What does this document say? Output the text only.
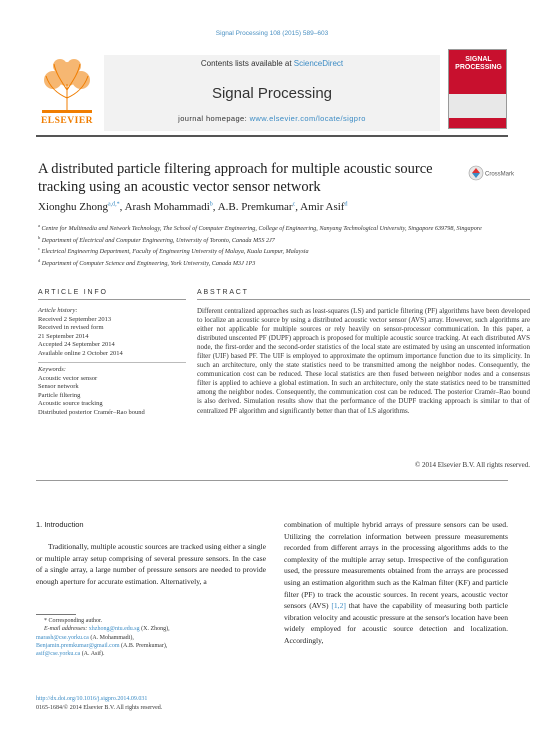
Signal Processing 108 (2015) 589–603
Contents lists available at ScienceDirect
Signal Processing
journal homepage: www.elsevier.com/locate/sigpro
ELSEVIER
SIGNAL PROCESSING
A distributed particle filtering approach for multiple acoustic source tracking using an acoustic vector sensor network
CrossMark
Xionghu Zhong$^{a,d,*}$, Arash Mohammadi$^b$, A.B. Premkumar$^c$, Amir Asif$^d$
$^a$ Centre for Multimedia and Network Technology, The School of Computer Engineering, College of Engineering, Nanyang Technological University, Singapore 639798, Singapore
$^b$ Department of Electrical and Computer Engineering, University of Toronto, Canada M5S 2J7
$^c$ Electrical Engineering Department, Faculty of Engineering University of Malaya, Kuala Lumpur, Malaysia
$^d$ Department of Computer Science and Engineering, York University, Canada M3J 1P3
ARTICLE INFO	ABSTRACT
Article history:
Received 2 September 2013
Received in revised form
21 September 2014
Accepted 24 September 2014
Available online 2 October 2014
Keywords:
Acoustic vector sensor
Sensor network
Particle filtering
Acoustic source tracking
Distributed posterior Cramér–Rao bound
Different centralized approaches such as least-squares (LS) and particle filtering (PF) algorithms have been developed to localize an acoustic source by using a distributed acoustic vector sensor (AVS) array. However, such algorithms are either not applicable for multiple sources or rely heavily on sensor-processor communication. In this paper, a distributed unscented PF (DUPF) approach is proposed for multiple acoustic source tracking. At each distributed AVS node, the first-order and the second-order statistics of the local state are estimated by using an unscented information filter (UIF) based PF. The UIF is employed to approximate the optimum importance function due to its simplicity. In such an architecture, only the state statistics need to be transmitted among the neighbor nodes. Consequently, the communication cost can be reduced. These local statistics are then fused between neighbor nodes and a consensus filter is applied to achieve a global estimation. In such an architecture, only the state statistics need to be transmitted among the neighbor nodes. Consequently, the communication cost can be reduced. The posterior Cramér–Rao bound is also derived. Simulation results show that the performance of the DUPF tracking approach is similar to that of centralized PF algorithm and significantly better than that of LS algorithms.
© 2014 Elsevier B.V. All rights reserved.
1. Introduction
Traditionally, multiple acoustic sources are tracked using either a single or multiple array setup comprising of several pressure sensors. In the case of a single array, a large number of pressure sensors are needed to provide enough aperture for accurate estimation. Alternatively, a
combination of multiple hybrid arrays of pressure sensors can be used. Utilizing the correlation information between pressure measurements recorded from different arrays in the processing algorithms adds to the complexity of the multiple array setup. Irrespective of the configuration used, the pressure measurements obtained from the arrays are processed using an estimation algorithm such as the Kalman filter (KF) and particle filter (PF) to track the acoustic sources. In recent years, acoustic vector sensors (AVS) [1,2] that have the capability of measuring both particle vibration velocity and acoustic pressure at the sensor's location have been widely employed for acoustic source detection and localization. Accordingly,
* Corresponding author.
E-mail addresses: xhzhong@ntu.edu.sg (X. Zhong),
marash@cse.yorku.ca (A. Mohammadi),
Benjamin.premkumar@gmail.com (A.B. Premkumar),
asif@cse.yorku.ca (A. Asif).
http://dx.doi.org/10.1016/j.sigpro.2014.09.031
0165-1684/© 2014 Elsevier B.V. All rights reserved.
